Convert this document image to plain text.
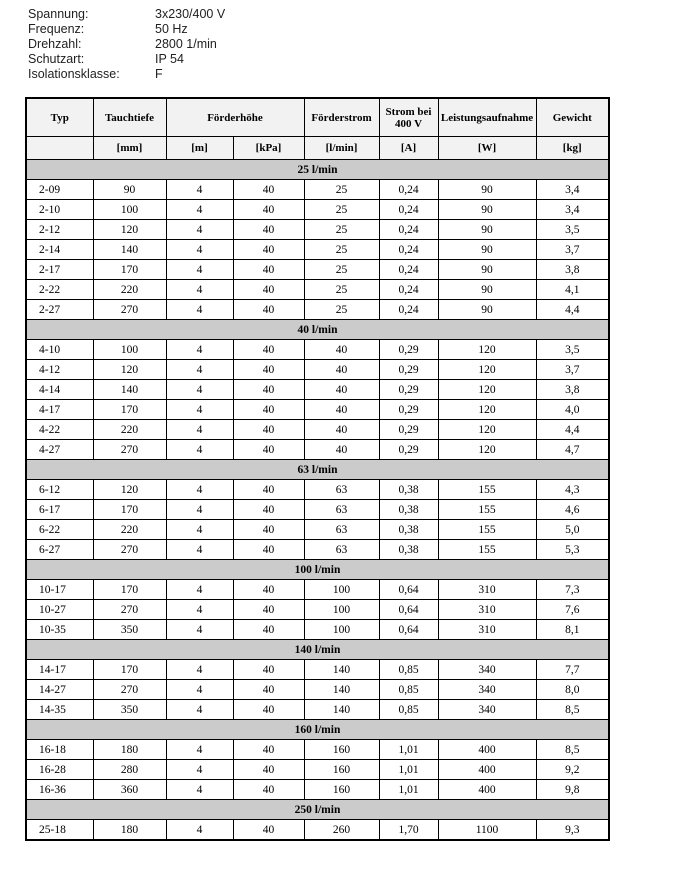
Spannung:	3x230/400 V
Frequenz:	50 Hz
Drehzahl:	2800 1/min
Schutzart:	IP 54
Isolationsklasse:	F
Typ	Tauchtiefe	Förderhöhe		Förderstrom	Strom bei 400 V	Leistungsaufnahme	Gewicht
	[mm]	[m]	[kPa]	[l/min]	[A]	[W]	[kg]
25 l/min							
2-09	90	4	40	25	0,24	90	3,4
2-10	100	4	40	25	0,24	90	3,4
2-12	120	4	40	25	0,24	90	3,5
2-14	140	4	40	25	0,24	90	3,7
2-17	170	4	40	25	0,24	90	3,8
2-22	220	4	40	25	0,24	90	4,1
2-27	270	4	40	25	0,24	90	4,4
40 l/min							
4-10	100	4	40	40	0,29	120	3,5
4-12	120	4	40	40	0,29	120	3,7
4-14	140	4	40	40	0,29	120	3,8
4-17	170	4	40	40	0,29	120	4,0
4-22	220	4	40	40	0,29	120	4,4
4-27	270	4	40	40	0,29	120	4,7
63 l/min							
6-12	120	4	40	63	0,38	155	4,3
6-17	170	4	40	63	0,38	155	4,6
6-22	220	4	40	63	0,38	155	5,0
6-27	270	4	40	63	0,38	155	5,3
100 l/min							
10-17	170	4	40	100	0,64	310	7,3
10-27	270	4	40	100	0,64	310	7,6
10-35	350	4	40	100	0,64	310	8,1
140 l/min							
14-17	170	4	40	140	0,85	340	7,7
14-27	270	4	40	140	0,85	340	8,0
14-35	350	4	40	140	0,85	340	8,5
160 l/min							
16-18	180	4	40	160	1,01	400	8,5
16-28	280	4	40	160	1,01	400	9,2
16-36	360	4	40	160	1,01	400	9,8
250 l/min							
25-18	180	4	40	260	1,70	1100	9,3
